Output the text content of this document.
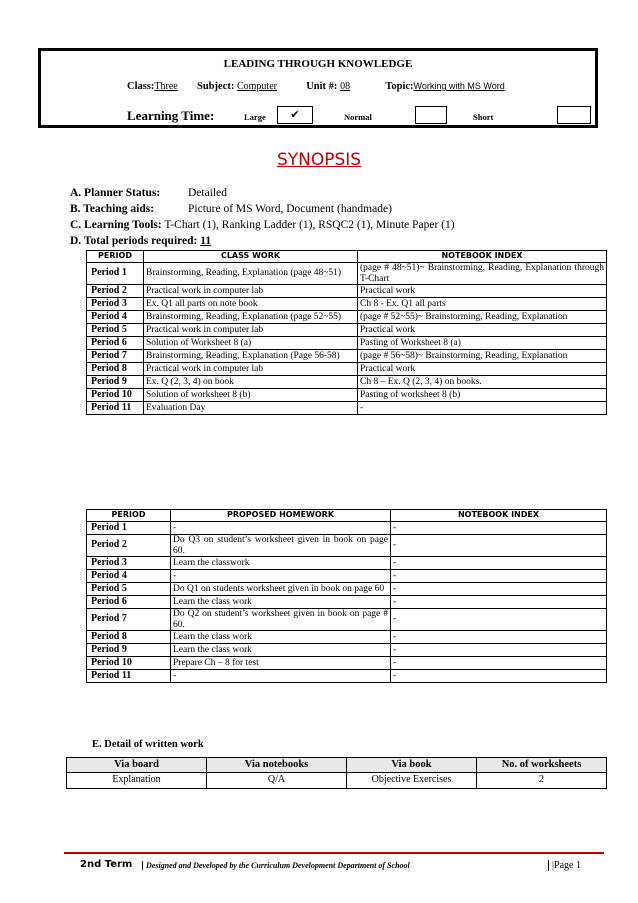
LEADING THROUGH KNOWLEDGE
Class:Three Subject: Computer	Unit #: 08	Topic:Working with MS Word
Learning Time:	Large	✔	Normal	Short
SYNOPSIS
A. Planner Status: Detailed
B. Teaching aids:	Picture of MS Word, Document (handmade)
C. Learning Tools: T-Chart (1), Ranking Ladder (1), RSQC2 (1), Minute Paper (1)
D. Total periods required: 11
PERIOD	CLASS WORK	NOTEBOOK INDEX
Period 1	Brainstorming, Reading, Explanation (page 48~51)	(page # 48~51)~ Brainstorming, Reading, Explanation through T-Chart
Period 2	Practical work in computer lab	Practical work
Period 3	Ex. Q1 all parts on note book	Ch 8 - Ex. Q1 all parts
Period 4	Brainstorming, Reading, Explanation (page 52~55)	(page # 52~55)~ Brainstorming, Reading, Explanation
Period 5	Practical work in computer lab	Practical work
Period 6	Solution of Worksheet 8 (a)	Pasting of Worksheet 8 (a)
Period 7	Brainstorming, Reading, Explanation (Page 56-58)	(page # 56~58)~ Brainstorming, Reading, Explanation
Period 8	Practical work in computer lab	Practical work
Period 9	Ex. Q (2, 3, 4) on book	Ch 8 – Ex. Q (2, 3, 4) on books.
Period 10	Solution of worksheet 8 (b)	Pasting of worksheet 8 (b)
Period 11	Evaluation Day	-
PERIOD	PROPOSED HOMEWORK	NOTEBOOK INDEX
Period 1	-	-
Period 2	Do Q3 on student’s worksheet given in book on page 60.	-
Period 3	Learn the classwork	-
Period 4	-	-
Period 5	Do Q1 on students worksheet given in book on page 60	-
Period 6	Learn the class work	-
Period 7	Do Q2 on student’s worksheet given in book on page # 60.	-
Period 8	Learn the class work	-
Period 9	Learn the class work	-
Period 10	Prepare Ch – 8 for test	-
Period 11	-	-
E. Detail of written work
Via board	Via notebooks	Via book	No. of worksheets
Explanation	Q/A	Objective Exercises	2
2nd Term	Designed and Developed by the Curriculum Development Department of School	|Page 1
